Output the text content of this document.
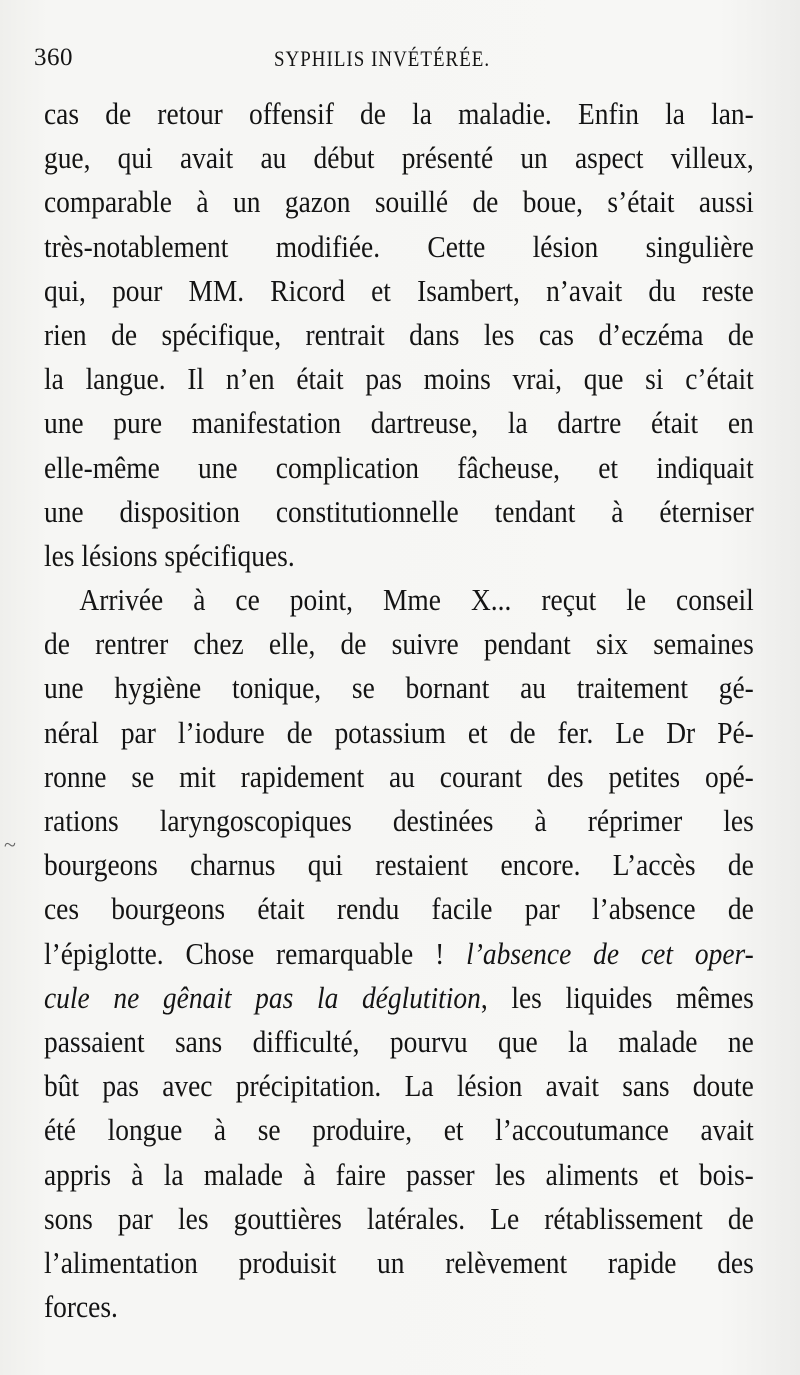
360	SYPHILIS INVÉTÉRÉE.
~
cas de retour offensif de la maladie. Enfin la lan-
gue, qui avait au début présenté un aspect villeux,
comparable à un gazon souillé de boue, s’était aussi
très-notablement modifiée. Cette lésion singulière
qui, pour MM. Ricord et Isambert, n’avait du reste
rien de spécifique, rentrait dans les cas d’eczéma de
la langue. Il n’en était pas moins vrai, que si c’était
une pure manifestation dartreuse, la dartre était en
elle-même une complication fâcheuse, et indiquait
une disposition constitutionnelle tendant à éterniser
les lésions spécifiques.
Arrivée à ce point, Mme X... reçut le conseil
de rentrer chez elle, de suivre pendant six semaines
une hygiène tonique, se bornant au traitement gé-
néral par l’iodure de potassium et de fer. Le Dr Pé-
ronne se mit rapidement au courant des petites opé-
rations laryngoscopiques destinées à réprimer les
bourgeons charnus qui restaient encore. L’accès de
ces bourgeons était rendu facile par l’absence de
l’épiglotte. Chose remarquable ! l’absence de cet oper-
cule ne gênait pas la déglutition, les liquides mêmes
passaient sans difficulté, pourvu que la malade ne
bût pas avec précipitation. La lésion avait sans doute
été longue à se produire, et l’accoutumance avait
appris à la malade à faire passer les aliments et bois-
sons par les gouttières latérales. Le rétablissement de
l’alimentation produisit un relèvement rapide des
forces.
